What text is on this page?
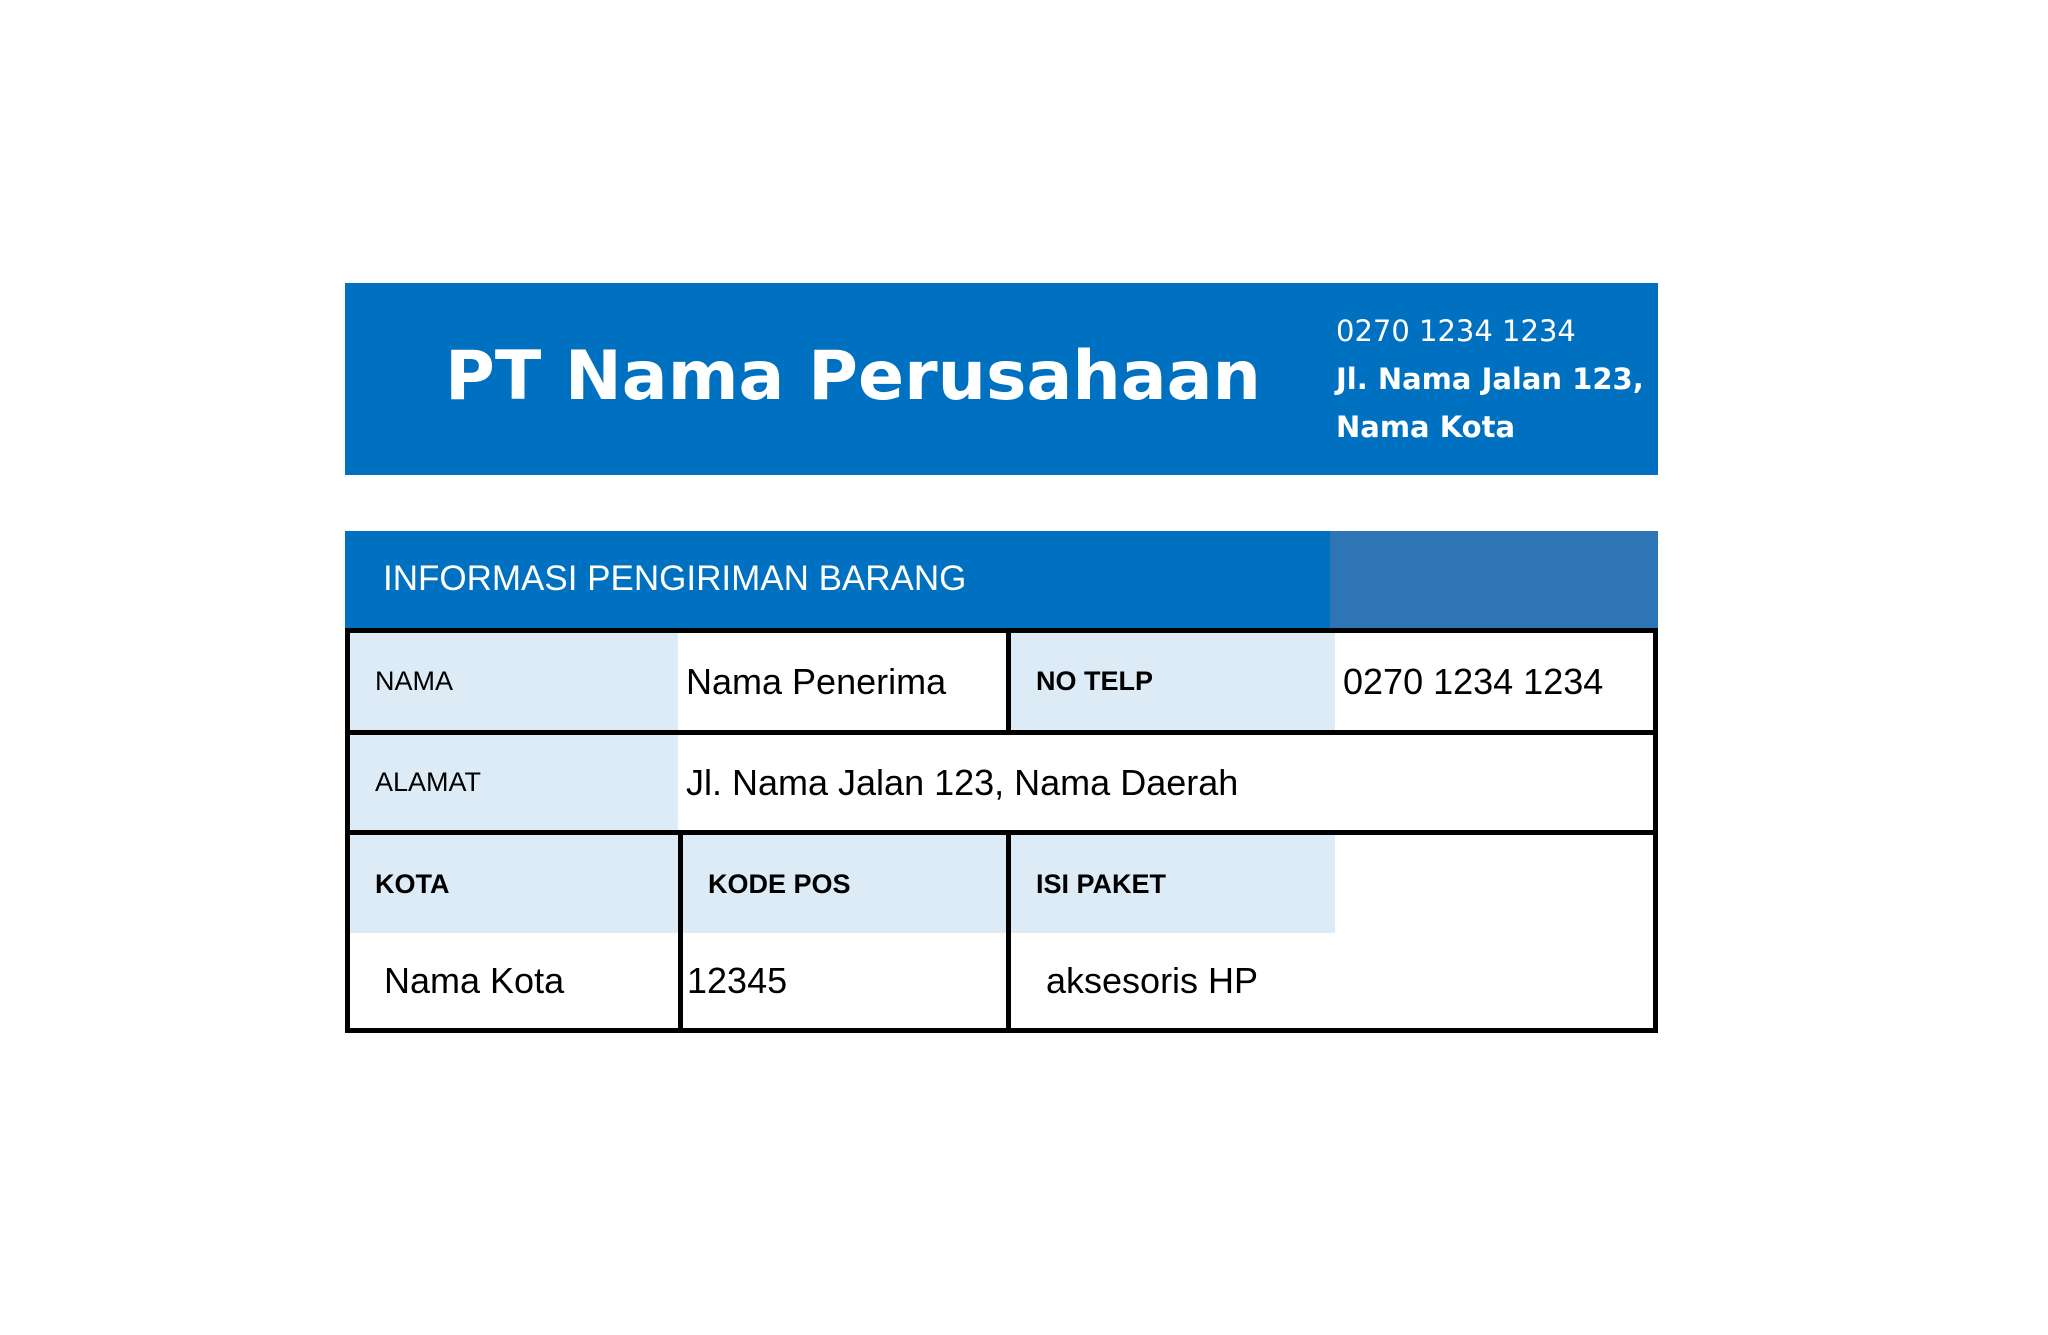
PT Nama Perusahaan
0270 1234 1234
Jl. Nama Jalan 123,
Nama Kota
INFORMASI PENGIRIMAN BARANG
NAMA	Nama Penerima	NO TELP	0270 1234 1234
ALAMAT	Jl. Nama Jalan 123, Nama Daerah
KOTA	KODE POS	ISI PAKET
Nama Kota	12345	aksesoris HP
